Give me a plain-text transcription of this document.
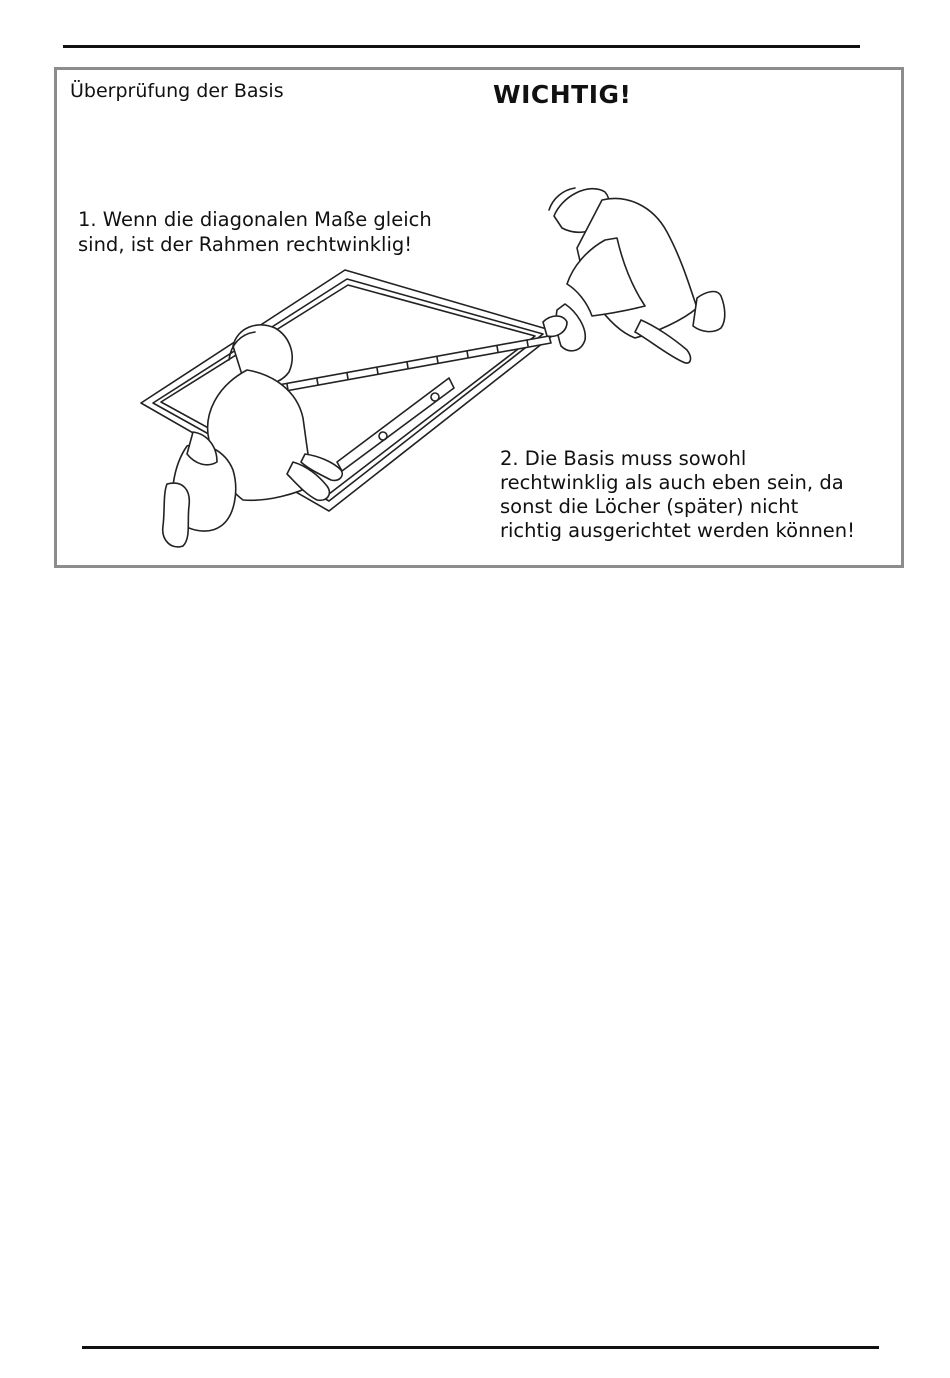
Überprüfung der Basis	WICHTIG!
1. Wenn die diagonalen Maße gleich
sind, ist der Rahmen rechtwinklig!
2. Die Basis muss sowohl
rechtwinklig als auch eben sein, da
sonst die Löcher (später) nicht
richtig ausgerichtet werden können!
